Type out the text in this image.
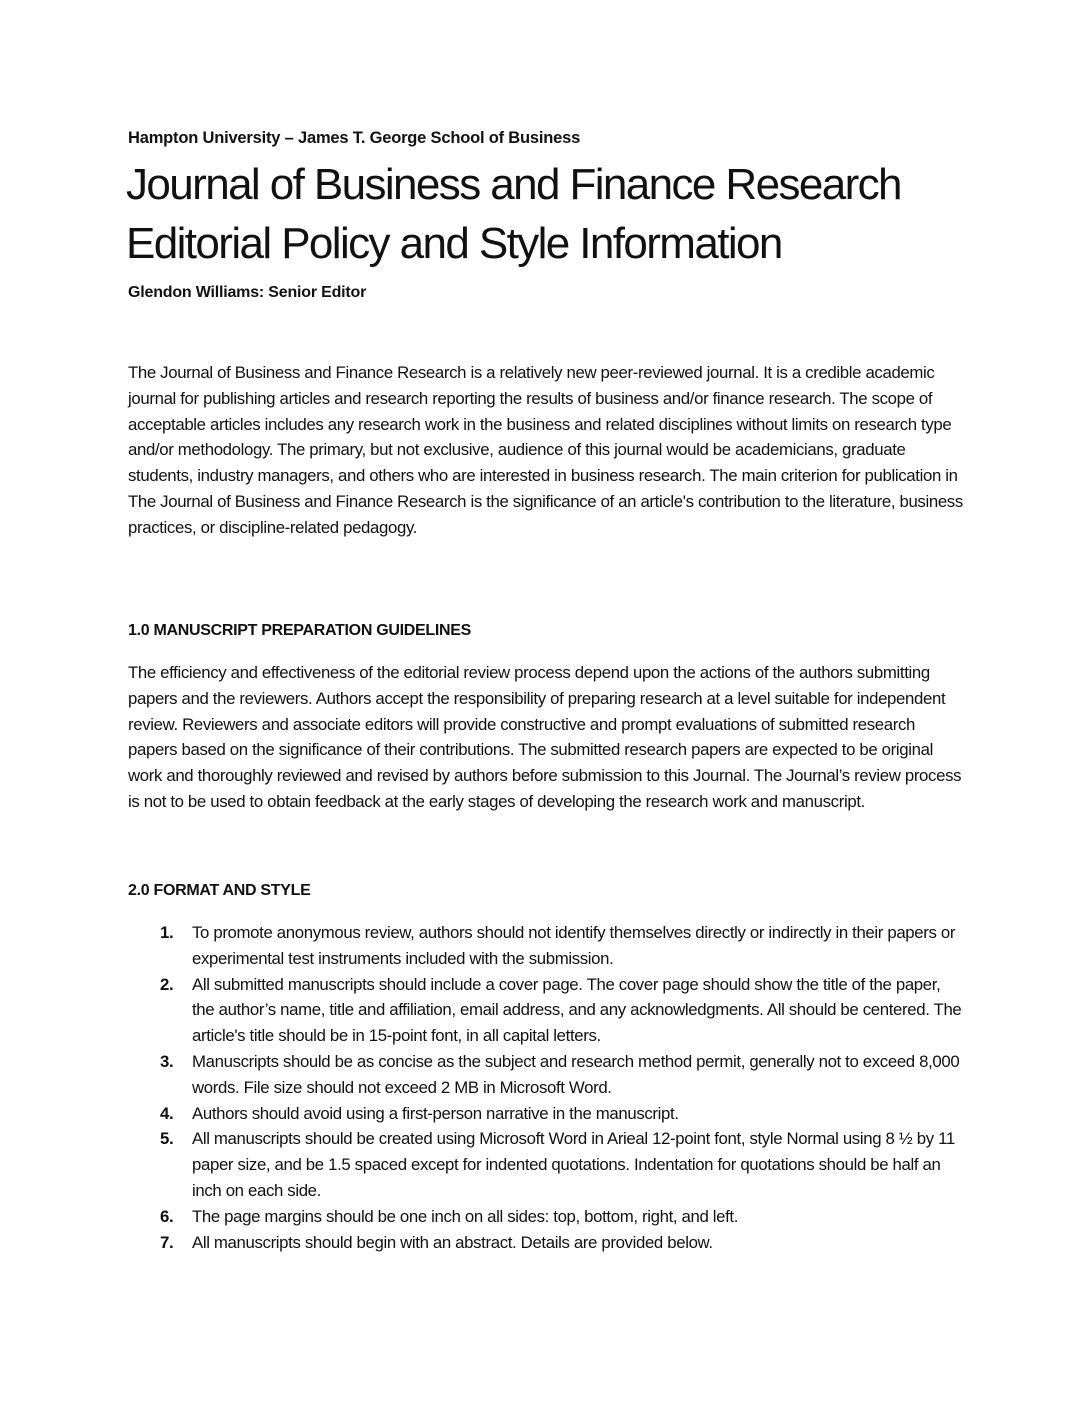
Hampton University – James T. George School of Business
Journal of Business and Finance Research
Editorial Policy and Style Information
Glendon Williams: Senior Editor

The Journal of Business and Finance Research is a relatively new peer-reviewed journal. It is a credible academic journal for publishing articles and research reporting the results of business and/or finance research. The scope of acceptable articles includes any research work in the business and related disciplines without limits on research type and/or methodology. The primary, but not exclusive, audience of this journal would be academicians, graduate students, industry managers, and others who are interested in business research. The main criterion for publication in The Journal of Business and Finance Research is the significance of an article's contribution to the literature, business practices, or discipline-related pedagogy.

1.0 MANUSCRIPT PREPARATION GUIDELINES

The efficiency and effectiveness of the editorial review process depend upon the actions of the authors submitting papers and the reviewers. Authors accept the responsibility of preparing research at a level suitable for independent review. Reviewers and associate editors will provide constructive and prompt evaluations of submitted research papers based on the significance of their contributions. The submitted research papers are expected to be original work and thoroughly reviewed and revised by authors before submission to this Journal. The Journal’s review process is not to be used to obtain feedback at the early stages of developing the research work and manuscript.

2.0 FORMAT AND STYLE
1. To promote anonymous review, authors should not identify themselves directly or indirectly in their papers or experimental test instruments included with the submission.
2. All submitted manuscripts should include a cover page. The cover page should show the title of the paper, the author’s name, title and affiliation, email address, and any acknowledgments. All should be centered. The article's title should be in 15-point font, in all capital letters.
3. Manuscripts should be as concise as the subject and research method permit, generally not to exceed 8,000 words. File size should not exceed 2 MB in Microsoft Word.
4. Authors should avoid using a first-person narrative in the manuscript.
5. All manuscripts should be created using Microsoft Word in Arieal 12-point font, style Normal using 8 ½ by 11 paper size, and be 1.5 spaced except for indented quotations. Indentation for quotations should be half an inch on each side.
6. The page margins should be one inch on all sides: top, bottom, right, and left.
7. All manuscripts should begin with an abstract. Details are provided below.
